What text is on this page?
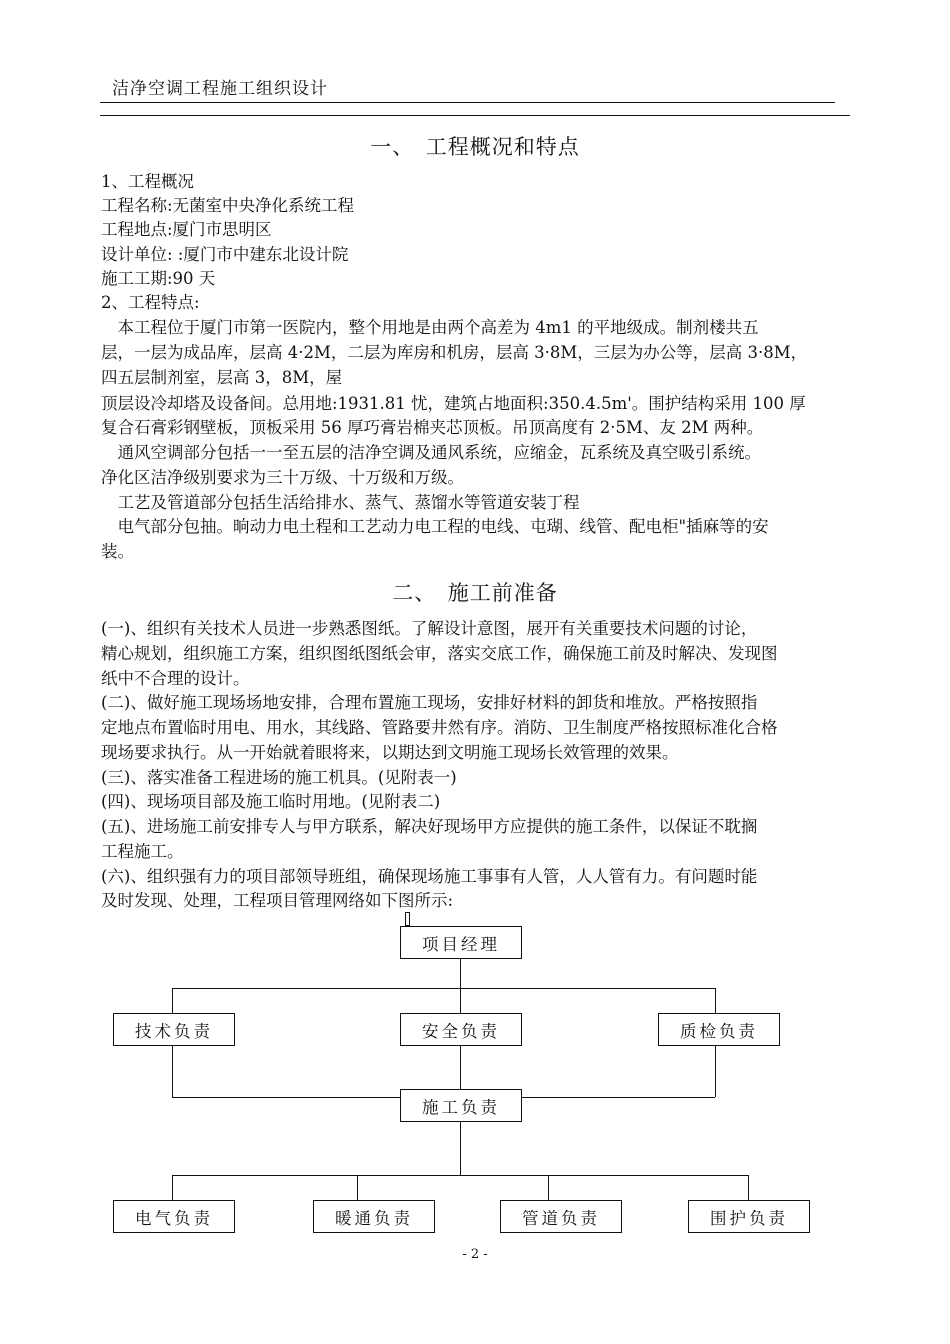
洁净空调工程施工组织设计
一、　工程概况和特点
1、工程概况
工程名称:无菌室中央净化系统工程
工程地点:厦门市思明区
设计单位: :厦门市中建东北设计院
施工工期:90 天
2、工程特点:
　本工程位于厦门市第一医院内，整个用地是由两个高差为 4m1 的平地级成。制剂楼共五
层，一层为成品库，层高 4·2M，二层为库房和机房，层高 3·8M，三层为办公等，层高 3·8M，
四五层制剂室，层高 3，8M，屋
顶层设冷却塔及设备间。总用地:1931.81 忧，建筑占地面积:350.4.5m'。围护结构采用 100 厚
复合石膏彩钢壁板，顶板采用 56 厚巧膏岩棉夹芯顶板。吊顶高度有 2·5M、友 2M 两种。
　通风空调部分包括一一至五层的洁净空调及通风系统，应缩金，瓦系统及真空吸引系统。
净化区洁净级别要求为三十万级、十万级和万级。
　工艺及管道部分包括生活给排水、蒸气、蒸馏水等管道安装丁程
　电气部分包抽。晌动力电土程和工艺动力电工程的电线、屯瑚、线管、配电柜"插麻等的安
装。
二、　施工前准备
(一)、组织有关技术人员进一步熟悉图纸。了解设计意图，展开有关重要技术问题的讨论，
精心规划，组织施工方案，组织图纸图纸会审，落实交底工作，确保施工前及时解决、发现图
纸中不合理的设计。
(二)、做好施工现场场地安排，合理布置施工现场，安排好材料的卸货和堆放。严格按照指
定地点布置临时用电、用水，其线路、管路要井然有序。消防、卫生制度严格按照标准化合格
现场要求执行。从一开始就着眼将来，以期达到文明施工现场长效管理的效果。
(三)、落实准备工程进场的施工机具。(见附表一)
(四)、现场项目部及施工临时用地。(见附表二)
(五)、进场施工前安排专人与甲方联系，解决好现场甲方应提供的施工条件，以保证不耽搁
工程施工。
(六)、组织强有力的项目部领导班组，确保现场施工事事有人管，人人管有力。有问题时能
及时发现、处理，工程项目管理网络如下图所示:
项目经理
技术负责	安全负责	质检负责
施工负责
电气负责	暖通负责	管道负责	围护负责
- 2 -
